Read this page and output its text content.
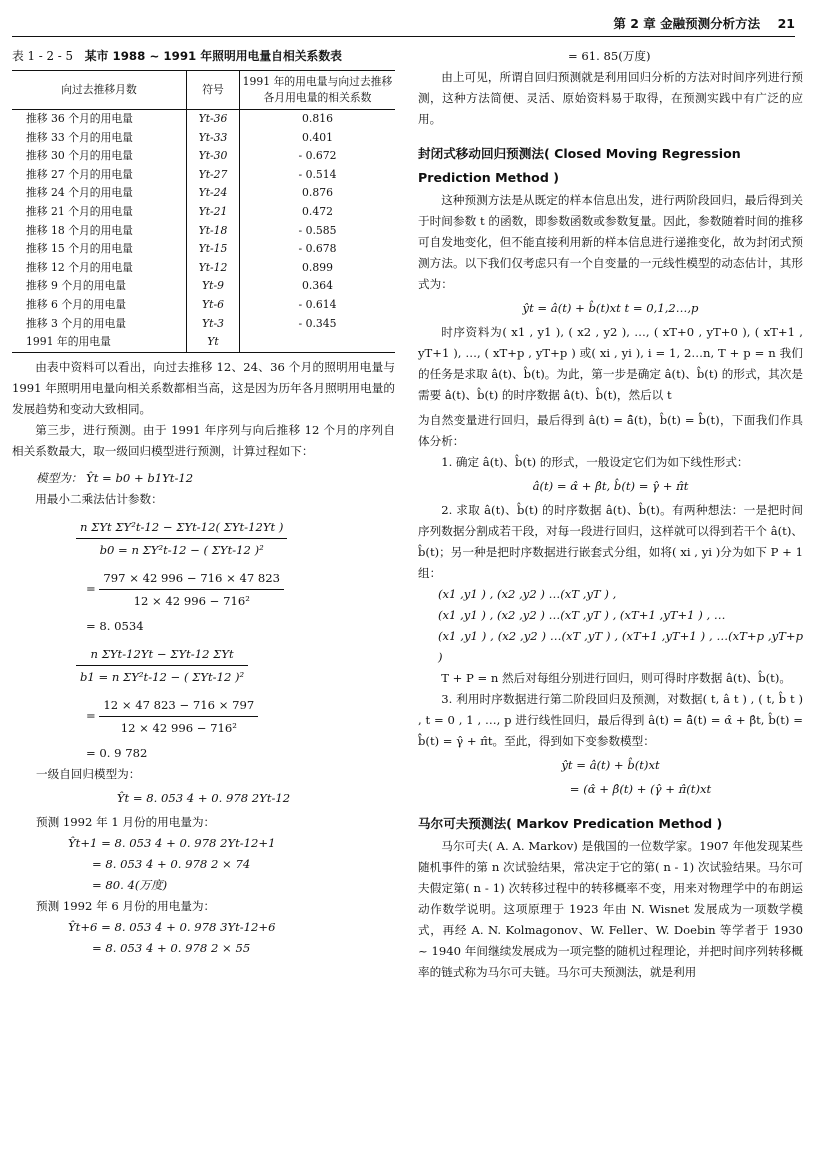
第 2 章 金融预测分析方法 21
表 1 - 2 - 5 某市 1988 ~ 1991 年照明用电量自相关系数表
向过去推移月数	符号	1991 年的用电量与向过去推移各月用电量的相关系数
推移 36 个月的用电量	Yt-36	0.816
推移 33 个月的用电量	Yt-33	0.401
推移 30 个月的用电量	Yt-30	- 0.672
推移 27 个月的用电量	Yt-27	- 0.514
推移 24 个月的用电量	Yt-24	0.876
推移 21 个月的用电量	Yt-21	0.472
推移 18 个月的用电量	Yt-18	- 0.585
推移 15 个月的用电量	Yt-15	- 0.678
推移 12 个月的用电量	Yt-12	0.899
推移 9 个月的用电量	Yt-9	0.364
推移 6 个月的用电量	Yt-6	- 0.614
推移 3 个月的用电量	Yt-3	- 0.345
1991 年的用电量	Yt	

由表中资料可以看出，向过去推移 12、24、36 个月的照明用电量与 1991 年照明用电量向相关系数都相当高，这是因为历年各月照明用电量的发展趋势和变动大致相同。

第三步，进行预测。由于 1991 年序列与向后推移 12 个月的序列自相关系数最大，取一级回归模型进行预测，计算过程如下：

模型为： Ŷt = b0 + b1Yt-12

用最小二乘法估计参数：

$\frac{\text{n ΣYt ΣY²t-12 − ΣYt-12( ΣYt-12Yt )}}{\text{b0 = n ΣY²t-12 − ( ΣYt-12 )²}}$
= $\frac{797 \times 42 996 - 716 \times 47 823}{\text{12 × 42 996 − 716²}}$

= 8. 0534

$\frac{\text{n ΣYt-12Yt − ΣYt-12 ΣYt}}{\text{b1 = n ΣY²t-12 − ( ΣYt-12 )²}}$
= $\frac{12 \times 47 823 - 716 \times 797}{\text{12 × 42 996 − 716²}}$

= 0. 9 782

一级自回归模型为：

Ŷt = 8. 053 4 + 0. 978 2Yt-12

预测 1992 年 1 月份的用电量为：

Ŷt+1 = 8. 053 4 + 0. 978 2Yt-12+1

= 8. 053 4 + 0. 978 2 × 74

= 80. 4(万度)

预测 1992 年 6 月份的用电量为：

Ŷt+6 = 8. 053 4 + 0. 978 3Yt-12+6

= 8. 053 4 + 0. 978 2 × 55

= 61. 85(万度)

由上可见，所谓自回归预测就是利用回归分析的方法对时间序列进行预测，这种方法简便、灵活、原始资料易于取得，在预测实践中有广泛的应用。

封闭式移动回归预测法( Closed Moving Regression Prediction Method )

这种预测方法是从既定的样本信息出发，进行两阶段回归，最后得到关于时间参数 t 的函数，即参数函数或参数复量。因此，参数随着时间的推移可自发地变化，但不能直接利用新的样本信息进行递推变化，故为封闭式预测方法。以下我们仅考虑只有一个自变量的一元线性模型的动态估计，其形式为：

ŷt = â(t) + b̂(t)xt t = 0,1,2…,p

时序资料为( x1 , y1 ), ( x2 , y2 ), …, ( xT+0 , yT+0 ), ( xT+1 , yT+1 ), …, ( xT+p , yT+p ) 或( xi , yi ), i = 1, 2…n, T + p = n 我们的任务是求取 â(t)、b̂(t)。为此，第一步是确定 â(t)、b̂(t) 的形式，其次是需要 â(t)、b̂(t) 的时序数据 â(t)、b̂(t)，然后以 t

为自然变量进行回归，最后得到 â(t) = â̂(t)，b̂(t) = b̂̂(t)，下面我们作具体分析：

1. 确定 â(t)、b̂(t) 的形式，一般设定它们为如下线性形式：

â(t) = α̂ + β̂t, b̂(t) = γ̂ + π̂t

2. 求取 â(t)、b̂(t) 的时序数据 â(t)、b̂(t)。有两种想法：一是把时间序列数据分割成若干段，对每一段进行回归，这样就可以得到若干个 â(t)、b̂(t)；另一种是把时序数据进行嵌套式分组，如将( xi , yi )分为如下 P + 1 组：

(x1 ,y1 ) , (x2 ,y2 ) …(xT ,yT ) ,

(x1 ,y1 ) , (x2 ,y2 ) …(xT ,yT ) , (xT+1 ,yT+1 ) , …

(x1 ,y1 ) , (x2 ,y2 ) …(xT ,yT ) , (xT+1 ,yT+1 ) , …(xT+p ,yT+p )

T + P = n 然后对每组分别进行回归，则可得时序数据 â(t)、b̂(t)。

3. 利用时序数据进行第二阶段回归及预测，对数据( t, â t ) , ( t, b̂ t ) , t = 0 , 1 , …, p 进行线性回归，最后得到 â(t) = â̂(t) = α̂ + β̂t, b̂(t) = b̂̂(t) = γ̂ + π̂t。至此，得到如下变参数模型：

ŷt = â(t) + b̂(t)xt

= (α̂ + β̂(t) + (γ̂ + π̂(t)xt

马尔可夫预测法( Markov Predication Method )

马尔可夫( A. A. Markov) 是俄国的一位数学家。1907 年他发现某些随机事件的第 n 次试验结果，常决定于它的第( n - 1) 次试验结果。马尔可夫假定第( n - 1) 次转移过程中的转移概率不变，用来对物理学中的布朗运动作数学说明。这项原理于 1923 年由 N. Wisnet 发展成为一项数学模式，再经 A. N. Kolmagonov、W. Feller、W. Doebin 等学者于 1930 ~ 1940 年间继续发展成为一项完整的随机过程理论，并把时间序列转移概率的链式称为马尔可夫链。马尔可夫预测法，就是利用
